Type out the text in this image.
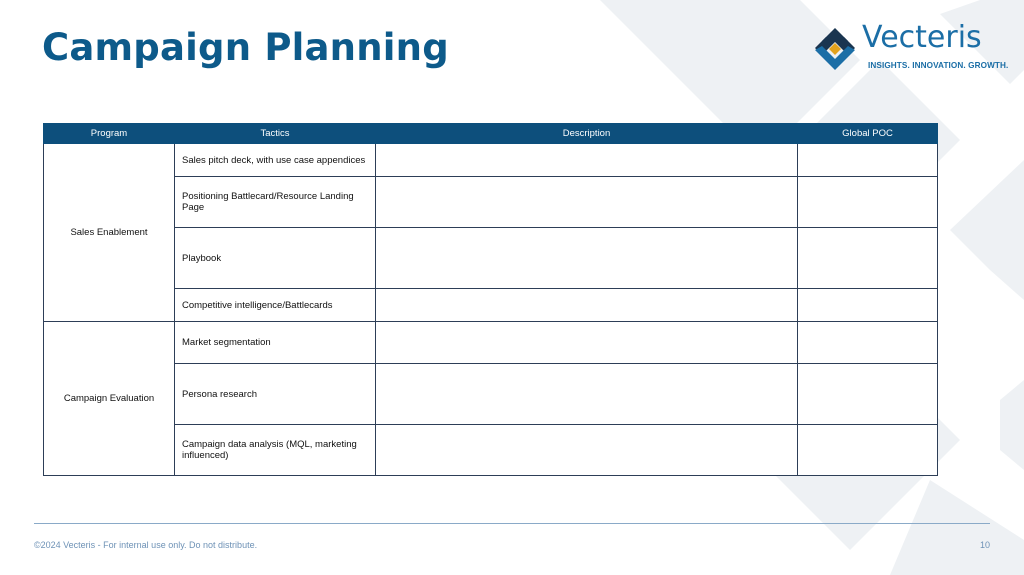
Campaign Planning	Vecteris
INSIGHTS. INNOVATION. GROWTH.
Program	Tactics	Description	Global POC
Sales Enablement	Sales pitch deck, with use case appendices		
	Positioning Battlecard/Resource Landing Page		
	Playbook		
	Competitive intelligence/Battlecards		
Campaign Evaluation	Market segmentation		
	Persona research		
	Campaign data analysis (MQL, marketing influenced)		
©2024 Vecteris - For internal use only. Do not distribute.	10
